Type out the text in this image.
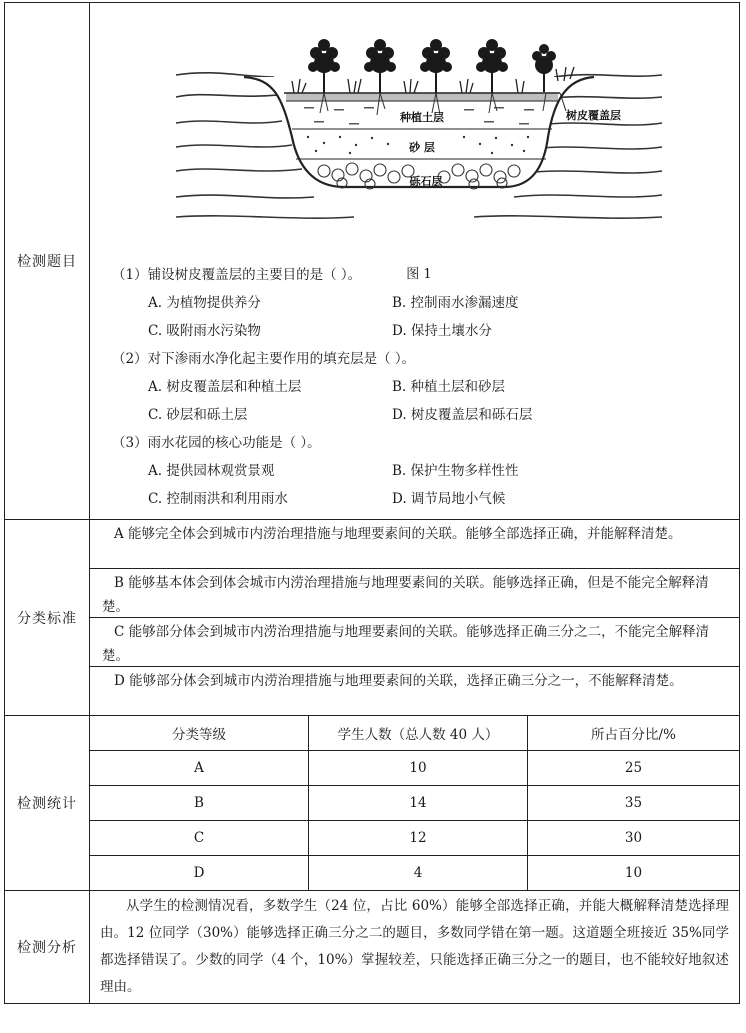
检测题目	
树皮覆盖层
种植土层
砂 层
砾石层
图 1
（1）铺设树皮覆盖层的主要目的是（ ）。
A. 为植物提供养分	B. 控制雨水渗漏速度
C. 吸附雨水污染物	D. 保持土壤水分
（2）对下渗雨水净化起主要作用的填充层是（ ）。
A. 树皮覆盖层和种植土层	B. 种植土层和砂层
C. 砂层和砾土层	D. 树皮覆盖层和砾石层
（3）雨水花园的核心功能是（ ）。
A. 提供园林观赏景观	B. 保护生物多样性性
C. 控制雨洪和利用雨水	D. 调节局地小气候

分类标准	
A 能够完全体会到城市内涝治理措施与地理要素间的关联。能够全部选择正确，并能解释清楚。
B 能够基本体会到体会城市内涝治理措施与地理要素间的关联。能够选择正确，但是不能完全解释清楚。
C 能够部分体会到城市内涝治理措施与地理要素间的关联。能够选择正确三分之二，不能完全解释清楚。
D 能够部分体会到城市内涝治理措施与地理要素间的关联，选择正确三分之一，不能解释清楚。

检测统计	
分类等级	学生人数（总人数 40 人）	所占百分比/%
A	10	25
B	14	35
C	12	30
D	4	10

检测分析	
从学生的检测情况看，多数学生（24 位，占比 60%）能够全部选择正确，并能大概解释清楚选择理由。12 位同学（30%）能够选择正确三分之二的题目，多数同学错在第一题。这道题全班接近 35%同学都选择错误了。少数的同学（4 个，10%）掌握较差，只能选择正确三分之一的题目，也不能较好地叙述理由。
